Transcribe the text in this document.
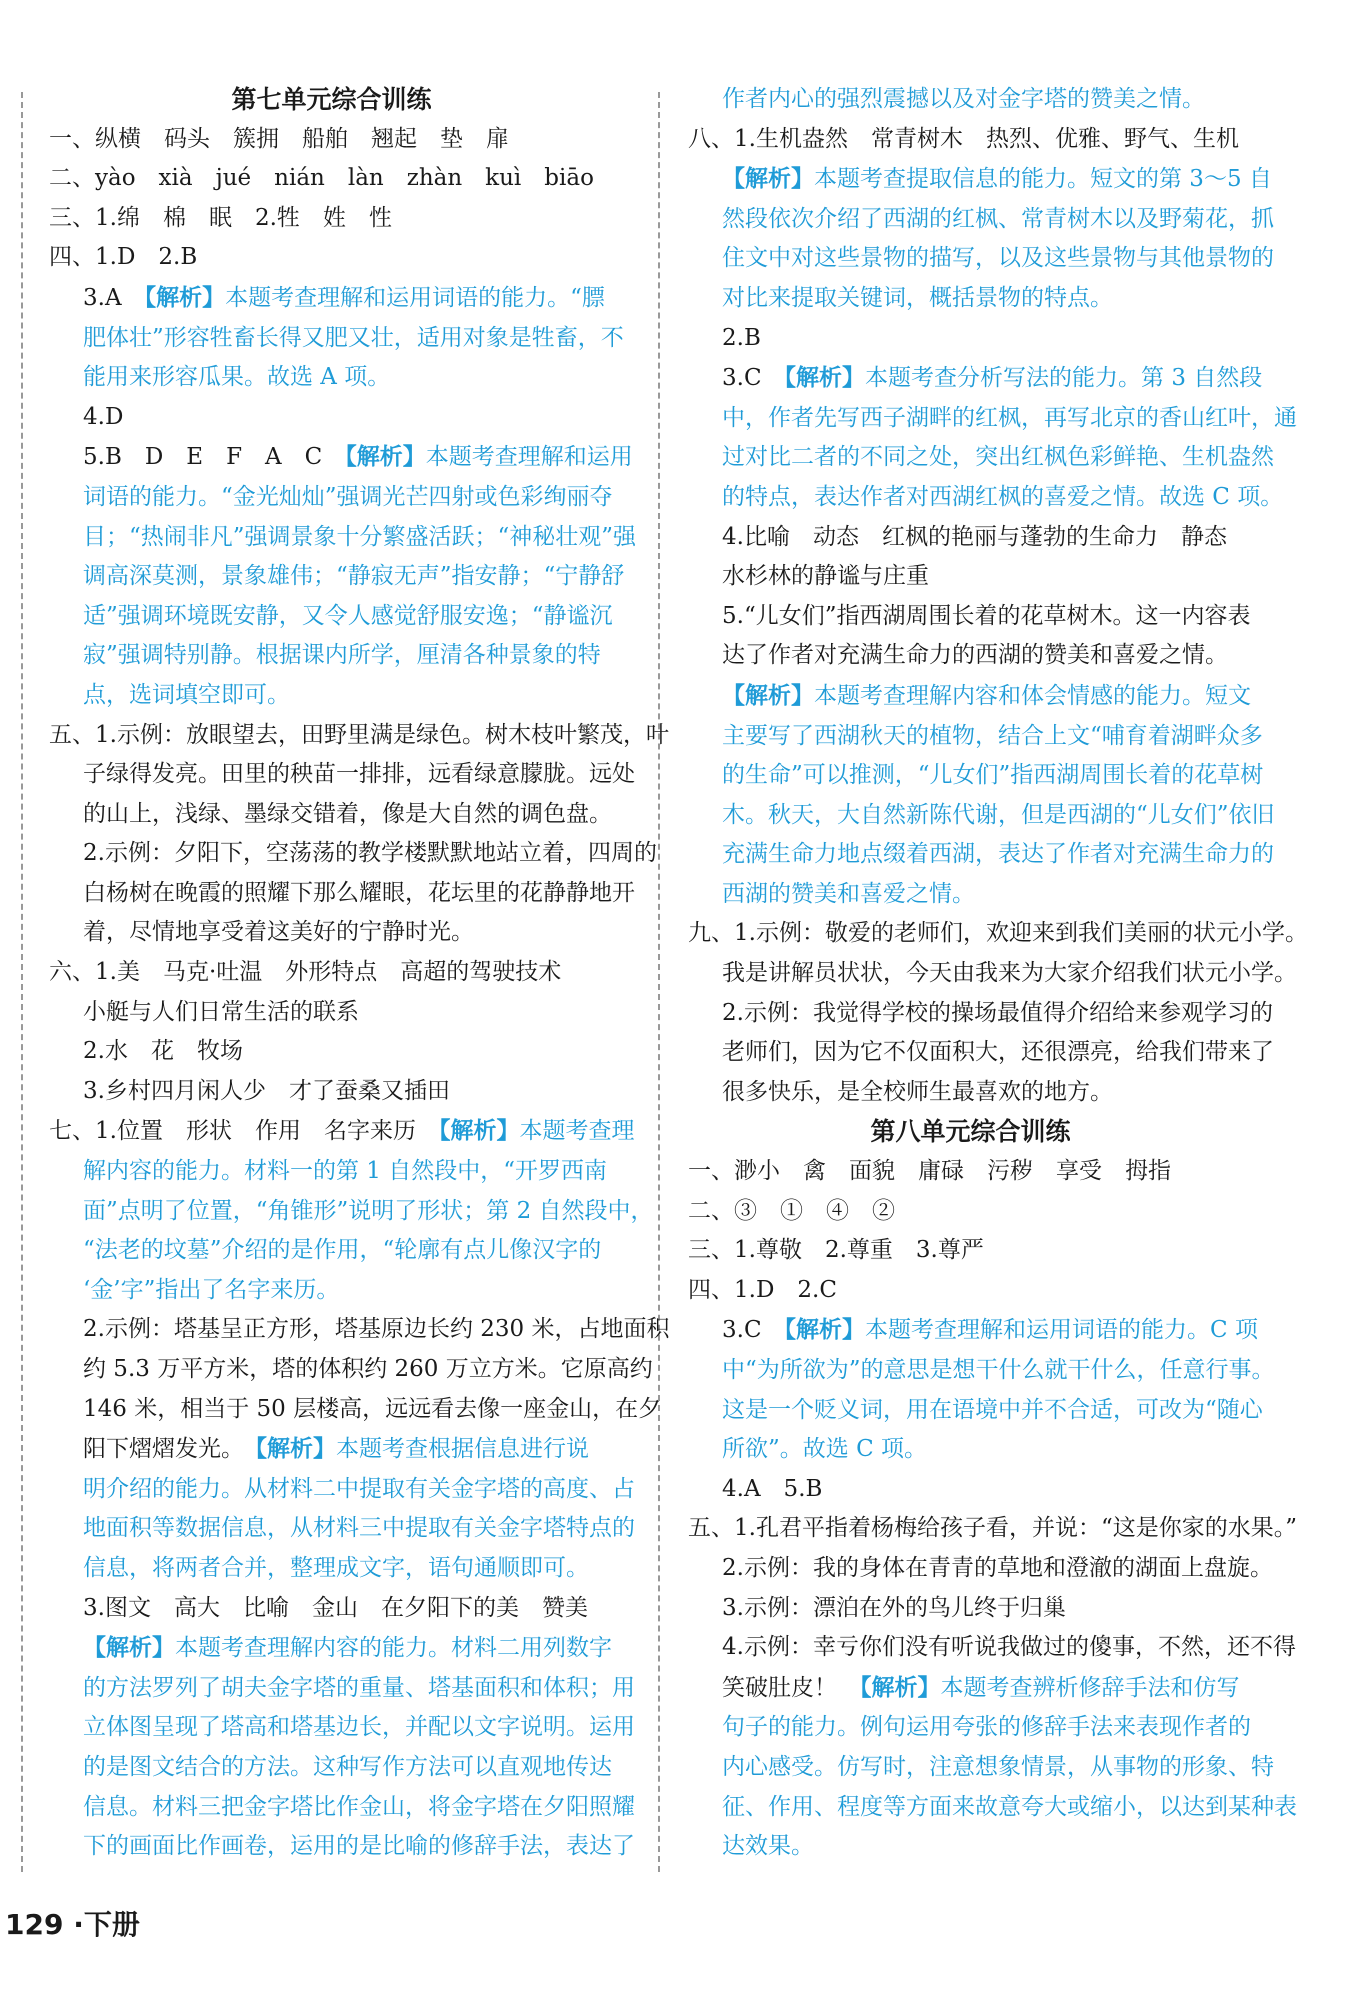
第七单元综合训练
一、纵横　码头　簇拥　船舶　翘起　垫　扉
二、yào　xià　jué　nián　làn　zhàn　kuì　biāo
三、1.绵　棉　眠　2.牲　姓　性
四、1.D　2.B
3.A　【解析】本题考查理解和运用词语的能力。“膘
肥体壮”形容牲畜长得又肥又壮，适用对象是牲畜，不
能用来形容瓜果。故选 A 项。
4.D
5.B　D　E　F　A　C　【解析】本题考查理解和运用
词语的能力。“金光灿灿”强调光芒四射或色彩绚丽夺
目；“热闹非凡”强调景象十分繁盛活跃；“神秘壮观”强
调高深莫测，景象雄伟；“静寂无声”指安静；“宁静舒
适”强调环境既安静，又令人感觉舒服安逸；“静谧沉
寂”强调特别静。根据课内所学，厘清各种景象的特
点，选词填空即可。
五、1.示例：放眼望去，田野里满是绿色。树木枝叶繁茂，叶
子绿得发亮。田里的秧苗一排排，远看绿意朦胧。远处
的山上，浅绿、墨绿交错着，像是大自然的调色盘。
2.示例：夕阳下，空荡荡的教学楼默默地站立着，四周的
白杨树在晚霞的照耀下那么耀眼，花坛里的花静静地开
着，尽情地享受着这美好的宁静时光。
六、1.美　马克·吐温　外形特点　高超的驾驶技术
小艇与人们日常生活的联系
2.水　花　牧场
3.乡村四月闲人少　才了蚕桑又插田
七、1.位置　形状　作用　名字来历　【解析】本题考查理
解内容的能力。材料一的第 1 自然段中，“开罗西南
面”点明了位置，“角锥形”说明了形状；第 2 自然段中，
“法老的坟墓”介绍的是作用，“轮廓有点儿像汉字的
‘金’字”指出了名字来历。
2.示例：塔基呈正方形，塔基原边长约 230 米，占地面积
约 5.3 万平方米，塔的体积约 260 万立方米。它原高约
146 米，相当于 50 层楼高，远远看去像一座金山，在夕
阳下熠熠发光。　【解析】本题考查根据信息进行说
明介绍的能力。从材料二中提取有关金字塔的高度、占
地面积等数据信息，从材料三中提取有关金字塔特点的
信息，将两者合并，整理成文字，语句通顺即可。
3.图文　高大　比喻　金山　在夕阳下的美　赞美
【解析】本题考查理解内容的能力。材料二用列数字
的方法罗列了胡夫金字塔的重量、塔基面积和体积；用
立体图呈现了塔高和塔基边长，并配以文字说明。运用
的是图文结合的方法。这种写作方法可以直观地传达
信息。材料三把金字塔比作金山，将金字塔在夕阳照耀
下的画面比作画卷，运用的是比喻的修辞手法，表达了
作者内心的强烈震撼以及对金字塔的赞美之情。
八、1.生机盎然　常青树木　热烈、优雅、野气、生机
【解析】本题考查提取信息的能力。短文的第 3～5 自
然段依次介绍了西湖的红枫、常青树木以及野菊花，抓
住文中对这些景物的描写，以及这些景物与其他景物的
对比来提取关键词，概括景物的特点。
2.B
3.C　【解析】本题考查分析写法的能力。第 3 自然段
中，作者先写西子湖畔的红枫，再写北京的香山红叶，通
过对比二者的不同之处，突出红枫色彩鲜艳、生机盎然
的特点，表达作者对西湖红枫的喜爱之情。故选 C 项。
4.比喻　动态　红枫的艳丽与蓬勃的生命力　静态
水杉林的静谧与庄重
5.“儿女们”指西湖周围长着的花草树木。这一内容表
达了作者对充满生命力的西湖的赞美和喜爱之情。
【解析】本题考查理解内容和体会情感的能力。短文
主要写了西湖秋天的植物，结合上文“哺育着湖畔众多
的生命”可以推测，“儿女们”指西湖周围长着的花草树
木。秋天，大自然新陈代谢，但是西湖的“儿女们”依旧
充满生命力地点缀着西湖，表达了作者对充满生命力的
西湖的赞美和喜爱之情。
九、1.示例：敬爱的老师们，欢迎来到我们美丽的状元小学。
我是讲解员状状，今天由我来为大家介绍我们状元小学。
2.示例：我觉得学校的操场最值得介绍给来参观学习的
老师们，因为它不仅面积大，还很漂亮，给我们带来了
很多快乐，是全校师生最喜欢的地方。
第八单元综合训练
一、渺小　禽　面貌　庸碌　污秽　享受　拇指
二、③　①　④　②
三、1.尊敬　2.尊重　3.尊严
四、1.D　2.C
3.C　【解析】本题考查理解和运用词语的能力。C 项
中“为所欲为”的意思是想干什么就干什么，任意行事。
这是一个贬义词，用在语境中并不合适，可改为“随心
所欲”。故选 C 项。
4.A　5.B
五、1.孔君平指着杨梅给孩子看，并说：“这是你家的水果。”
2.示例：我的身体在青青的草地和澄澈的湖面上盘旋。
3.示例：漂泊在外的鸟儿终于归巢
4.示例：幸亏你们没有听说我做过的傻事，不然，还不得
笑破肚皮！　【解析】本题考查辨析修辞手法和仿写
句子的能力。例句运用夸张的修辞手法来表现作者的
内心感受。仿写时，注意想象情景，从事物的形象、特
征、作用、程度等方面来故意夸大或缩小，以达到某种表
达效果。
129 ·下册
